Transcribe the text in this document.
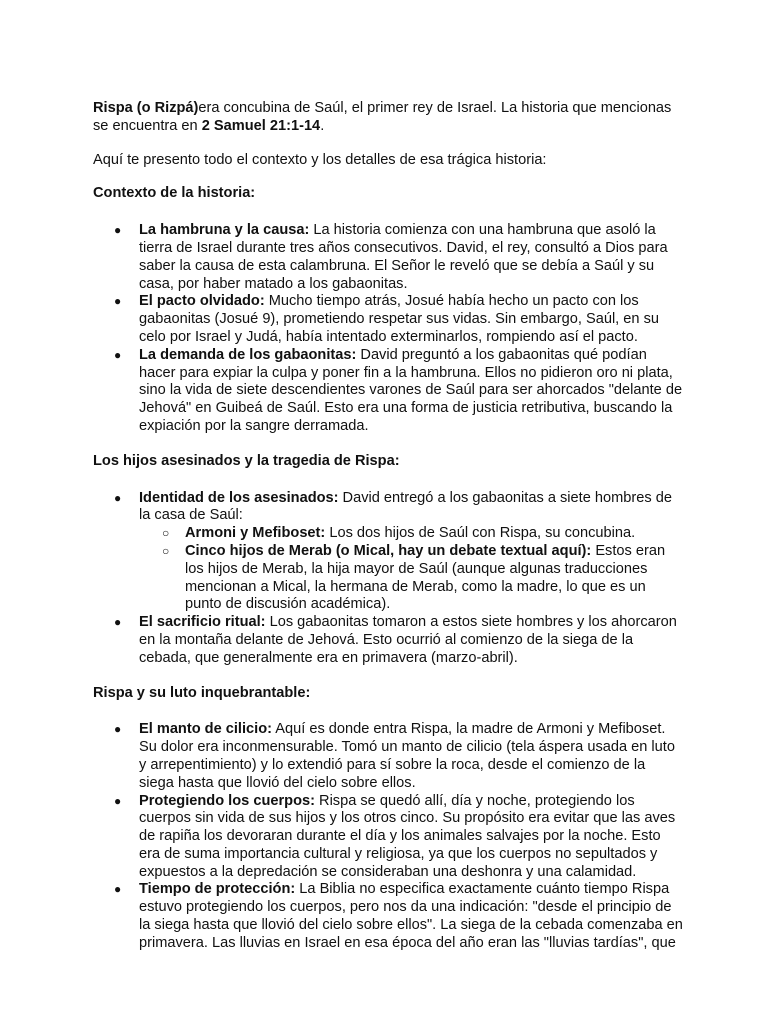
Rispa (o Rizpá)era concubina de Saúl, el primer rey de Israel. La historia que mencionas se encuentra en 2 Samuel 21:1-14.

Aquí te presento todo el contexto y los detalles de esa trágica historia:

Contexto de la historia:

● La hambruna y la causa: La historia comienza con una hambruna que asoló la tierra de Israel durante tres años consecutivos. David, el rey, consultó a Dios para saber la causa de esta calambruna. El Señor le reveló que se debía a Saúl y su casa, por haber matado a los gabaonitas.
● El pacto olvidado: Mucho tiempo atrás, Josué había hecho un pacto con los gabaonitas (Josué 9), prometiendo respetar sus vidas. Sin embargo, Saúl, en su celo por Israel y Judá, había intentado exterminarlos, rompiendo así el pacto.
● La demanda de los gabaonitas: David preguntó a los gabaonitas qué podían hacer para expiar la culpa y poner fin a la hambruna. Ellos no pidieron oro ni plata, sino la vida de siete descendientes varones de Saúl para ser ahorcados "delante de Jehová" en Guibeá de Saúl. Esto era una forma de justicia retributiva, buscando la expiación por la sangre derramada.

Los hijos asesinados y la tragedia de Rispa:

● Identidad de los asesinados: David entregó a los gabaonitas a siete hombres de la casa de Saúl:
○ Armoni y Mefiboset: Los dos hijos de Saúl con Rispa, su concubina.
○ Cinco hijos de Merab (o Mical, hay un debate textual aquí): Estos eran los hijos de Merab, la hija mayor de Saúl (aunque algunas traducciones mencionan a Mical, la hermana de Merab, como la madre, lo que es un punto de discusión académica).
● El sacrificio ritual: Los gabaonitas tomaron a estos siete hombres y los ahorcaron en la montaña delante de Jehová. Esto ocurrió al comienzo de la siega de la cebada, que generalmente era en primavera (marzo-abril).

Rispa y su luto inquebrantable:

● El manto de cilicio: Aquí es donde entra Rispa, la madre de Armoni y Mefiboset. Su dolor era inconmensurable. Tomó un manto de cilicio (tela áspera usada en luto y arrepentimiento) y lo extendió para sí sobre la roca, desde el comienzo de la siega hasta que llovió del cielo sobre ellos.
● Protegiendo los cuerpos: Rispa se quedó allí, día y noche, protegiendo los cuerpos sin vida de sus hijos y los otros cinco. Su propósito era evitar que las aves de rapiña los devoraran durante el día y los animales salvajes por la noche. Esto era de suma importancia cultural y religiosa, ya que los cuerpos no sepultados y expuestos a la depredación se consideraban una deshonra y una calamidad.
● Tiempo de protección: La Biblia no especifica exactamente cuánto tiempo Rispa estuvo protegiendo los cuerpos, pero nos da una indicación: "desde el principio de la siega hasta que llovió del cielo sobre ellos". La siega de la cebada comenzaba en primavera. Las lluvias en Israel en esa época del año eran las "lluvias tardías", que
